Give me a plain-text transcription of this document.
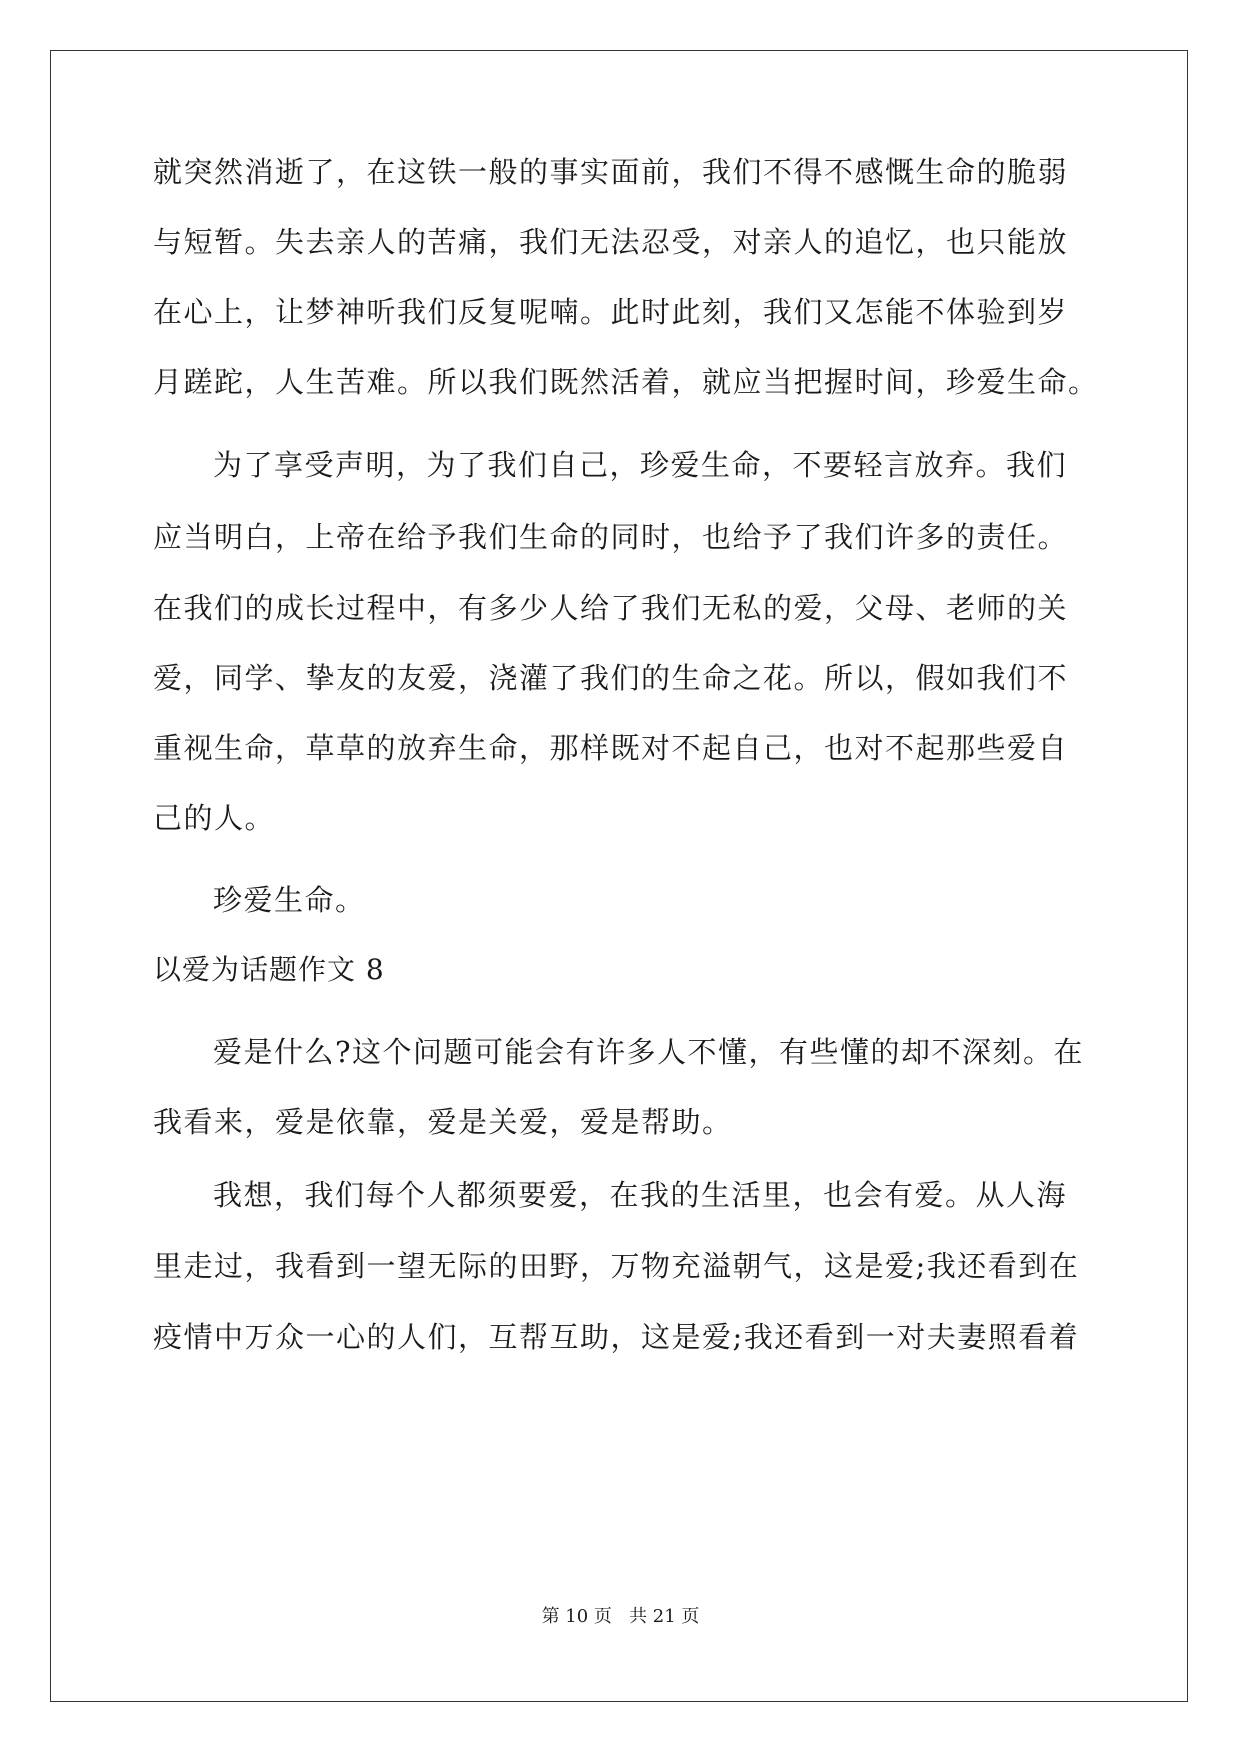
就突然消逝了，在这铁一般的事实面前，我们不得不感慨生命的脆弱
与短暂。失去亲人的苦痛，我们无法忍受，对亲人的追忆，也只能放
在心上，让梦神听我们反复呢喃。此时此刻，我们又怎能不体验到岁
月蹉跎，人生苦难。所以我们既然活着，就应当把握时间，珍爱生命。
为了享受声明，为了我们自己，珍爱生命，不要轻言放弃。我们
应当明白，上帝在给予我们生命的同时，也给予了我们许多的责任。
在我们的成长过程中，有多少人给了我们无私的爱，父母、老师的关
爱，同学、挚友的友爱，浇灌了我们的生命之花。所以，假如我们不
重视生命，草草的放弃生命，那样既对不起自己，也对不起那些爱自
己的人。
珍爱生命。
以爱为话题作文 8
爱是什么?这个问题可能会有许多人不懂，有些懂的却不深刻。在
我看来，爱是依靠，爱是关爱，爱是帮助。
我想，我们每个人都须要爱，在我的生活里，也会有爱。从人海
里走过，我看到一望无际的田野，万物充溢朝气，这是爱;我还看到在
疫情中万众一心的人们，互帮互助，这是爱;我还看到一对夫妻照看着
第 10 页   共 21 页
